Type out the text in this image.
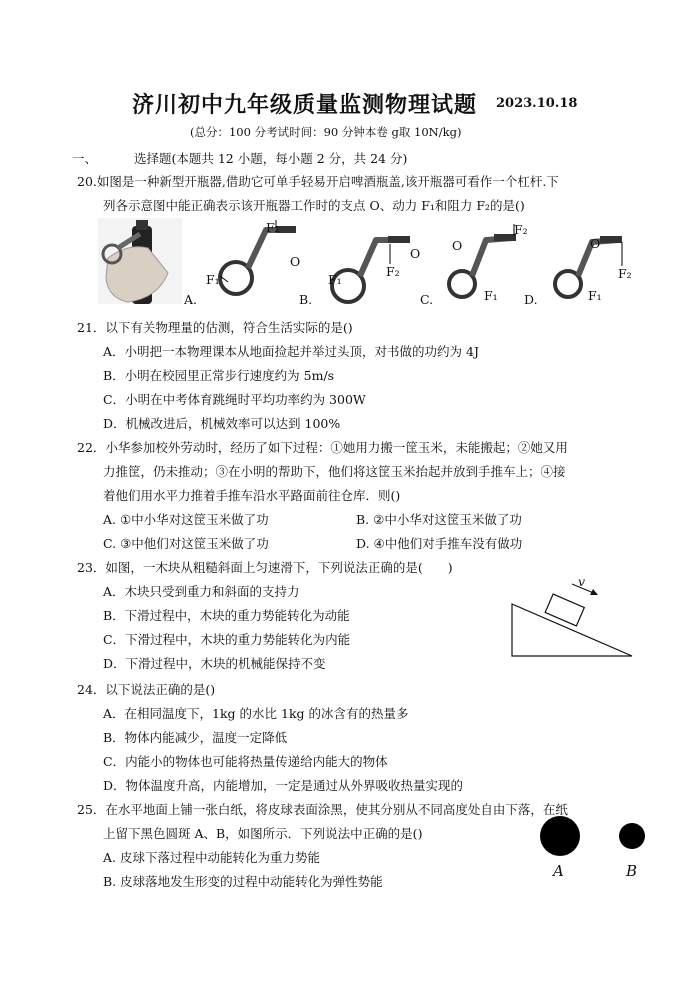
济川初中九年级质量监测物理试题 2023.10.18
(总分：100 分考试时间：90 分钟本卷 g取 10N/kg)
一、	选择题(本题共 12 小题，每小题 2 分，共 24 分)
20.如图是一种新型开瓶器,借助它可单手轻易开启啤酒瓶盖,该开瓶器可看作一个杠杆.下
列各示意图中能正确表示该开瓶器工作时的支点 O、动力 F₁和阻力 F₂的是()
F₂
O
F₁
O
F₂
F₁
O
F₂
F₁
O
F₂
F₁
A.	B.	C.	D.
21．以下有关物理量的估测，符合生活实际的是()
A．小明把一本物理课本从地面捡起并举过头顶，对书做的功约为 4J
B．小明在校园里正常步行速度约为 5m/s
C．小明在中考体育跳绳时平均功率约为 300W
D．机械改进后，机械效率可以达到 100%
22．小华参加校外劳动时，经历了如下过程：①她用力搬一筐玉米，未能搬起；②她又用
力推筐，仍未推动；③在小明的帮助下，他们将这筐玉米抬起并放到手推车上；④接
着他们用水平力推着手推车沿水平路面前往仓库．则()
A. ①中小华对这筐玉米做了功	B. ②中小华对这筐玉米做了功
C. ③中他们对这筐玉米做了功	D. ④中他们对手推车没有做功
23．如图，一木块从粗糙斜面上匀速滑下，下列说法正确的是(　　)
A．木块只受到重力和斜面的支持力
B．下滑过程中，木块的重力势能转化为动能
C．下滑过程中，木块的重力势能转化为内能
D．下滑过程中，木块的机械能保持不变
v
24．以下说法正确的是()
A．在相同温度下，1kg 的水比 1kg 的冰含有的热量多
B．物体内能减少，温度一定降低
C．内能小的物体也可能将热量传递给内能大的物体
D．物体温度升高，内能增加，一定是通过从外界吸收热量实现的
25．在水平地面上铺一张白纸，将皮球表面涂黑，使其分别从不同高度处自由下落，在纸
上留下黑色圆斑 A、B，如图所示．下列说法中正确的是()
A. 皮球下落过程中动能转化为重力势能
B. 皮球落地发生形变的过程中动能转化为弹性势能
A	B
